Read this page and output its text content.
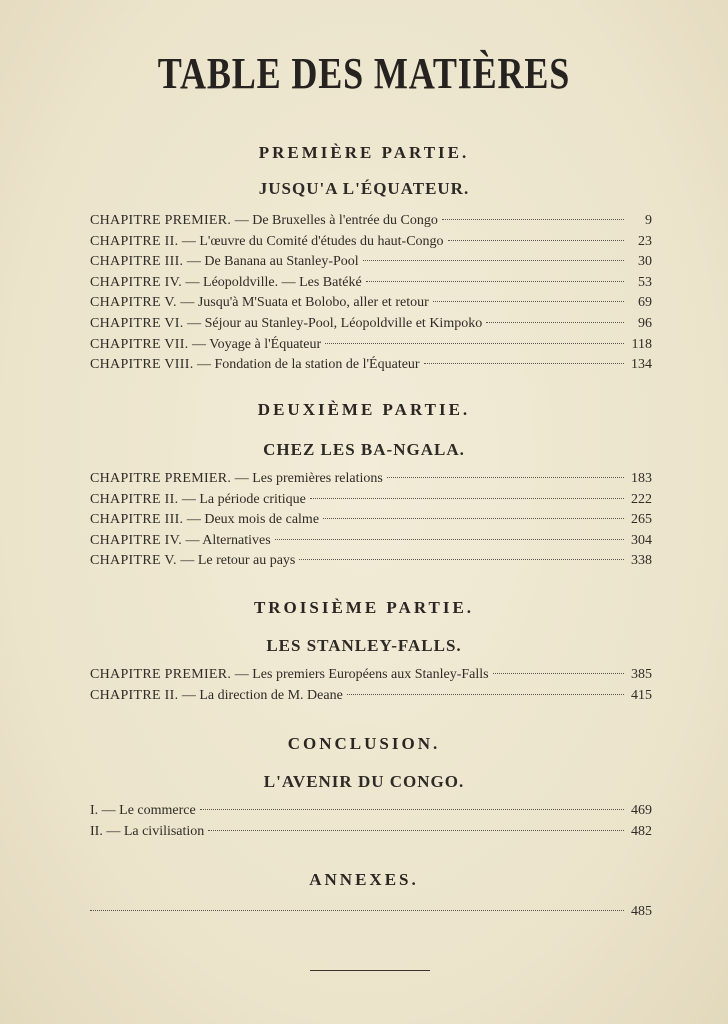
TABLE DES MATIÈRES
PREMIÈRE PARTIE.
JUSQU'A L'ÉQUATEUR.
CHAPITRE PREMIER. — De Bruxelles à l'entrée du Congo	9
CHAPITRE II. — L'œuvre du Comité d'études du haut-Congo	23
CHAPITRE III. — De Banana au Stanley-Pool	30
CHAPITRE IV. — Léopoldville. — Les Batéké	53
CHAPITRE V. — Jusqu'à M'Suata et Bolobo, aller et retour	69
CHAPITRE VI. — Séjour au Stanley-Pool, Léopoldville et Kimpoko	96
CHAPITRE VII. — Voyage à l'Équateur	118
CHAPITRE VIII. — Fondation de la station de l'Équateur	134
DEUXIÈME PARTIE.
CHEZ LES BA-NGALA.
CHAPITRE PREMIER. — Les premières relations	183
CHAPITRE II. — La période critique	222
CHAPITRE III. — Deux mois de calme	265
CHAPITRE IV. — Alternatives	304
CHAPITRE V. — Le retour au pays	338
TROISIÈME PARTIE.
LES STANLEY-FALLS.
CHAPITRE PREMIER. — Les premiers Européens aux Stanley-Falls	385
CHAPITRE II. — La direction de M. Deane	415
CONCLUSION.
L'AVENIR DU CONGO.
I. — Le commerce	469
II. — La civilisation	482
ANNEXES.
485
